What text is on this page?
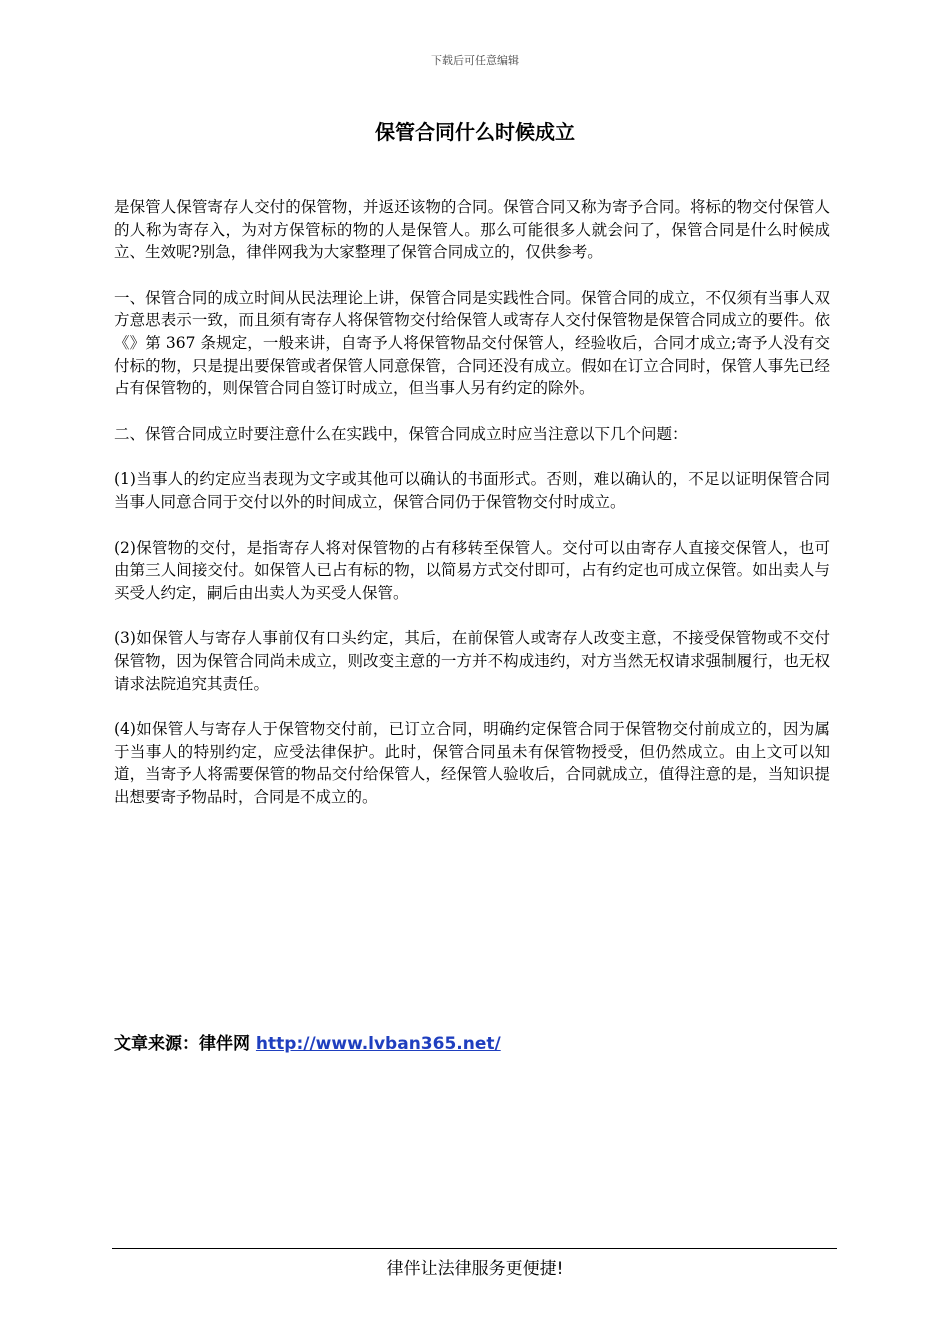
下载后可任意编辑
保管合同什么时候成立

是保管人保管寄存人交付的保管物，并返还该物的合同。保管合同又称为寄予合同。将标的物交付保管人的人称为寄存入，为对方保管标的物的人是保管人。那么可能很多人就会问了，保管合同是什么时候成立、生效呢?别急，律伴网我为大家整理了保管合同成立的，仅供参考。

一、保管合同的成立时间从民法理论上讲，保管合同是实践性合同。保管合同的成立，不仅须有当事人双方意思表示一致，而且须有寄存人将保管物交付给保管人或寄存人交付保管物是保管合同成立的要件。依《》第 367 条规定，一般来讲，自寄予人将保管物品交付保管人，经验收后，合同才成立;寄予人没有交付标的物，只是提出要保管或者保管人同意保管，合同还没有成立。假如在订立合同时，保管人事先已经占有保管物的，则保管合同自签订时成立，但当事人另有约定的除外。

二、保管合同成立时要注意什么在实践中，保管合同成立时应当注意以下几个问题：

(1)当事人的约定应当表现为文字或其他可以确认的书面形式。否则，难以确认的，不足以证明保管合同当事人同意合同于交付以外的时间成立，保管合同仍于保管物交付时成立。

(2)保管物的交付，是指寄存人将对保管物的占有移转至保管人。交付可以由寄存人直接交保管人，也可由第三人间接交付。如保管人已占有标的物，以简易方式交付即可，占有约定也可成立保管。如出卖人与买受人约定，嗣后由出卖人为买受人保管。

(3)如保管人与寄存人事前仅有口头约定，其后，在前保管人或寄存人改变主意，不接受保管物或不交付保管物，因为保管合同尚未成立，则改变主意的一方并不构成违约，对方当然无权请求强制履行，也无权请求法院追究其责任。

(4)如保管人与寄存人于保管物交付前，已订立合同，明确约定保管合同于保管物交付前成立的，因为属于当事人的特别约定，应受法律保护。此时，保管合同虽未有保管物授受，但仍然成立。由上文可以知道，当寄予人将需要保管的物品交付给保管人，经保管人验收后，合同就成立，值得注意的是，当知识提出想要寄予物品时，合同是不成立的。

文章来源：律伴网 http://www.lvban365.net/
律伴让法律服务更便捷!
